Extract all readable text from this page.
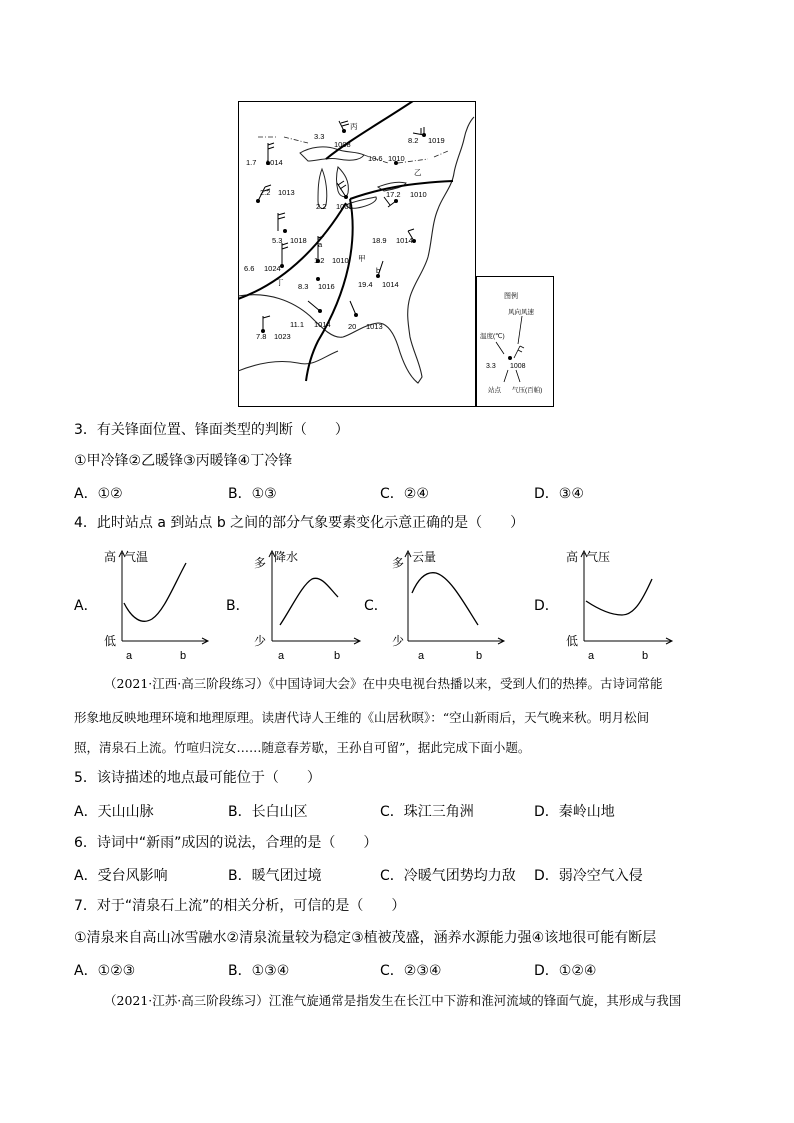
丙
乙
甲
丁
a
b
3.3
1008	8.2 1019
1.7 1014	10.6 1010
2.2 1013
2.2 1008
17.2 1010
5.3 1018	18.9 1014
1.2 1010
6.6 1024
8.3 1016	19.4 1014
11.1 1014 20 1013
7.8 1023
图例
风向风速
温度(℃)
3.3 1008
站点 气压(百帕)
3．有关锋面位置、锋面类型的判断（　　）
①甲冷锋②乙暖锋③丙暖锋④丁冷锋
A．①②	B．①③	C．②④	D．③④
4．此时站点 a 到站点 b 之间的部分气象要素变化示意正确的是（　　）
A．
高 气温
低
a	b
B．
多 降水
少
a	b
C．
多 云量
少
a	b
D．
高 气压
低
a	b
（2021·江西·高三阶段练习）《中国诗词大会》在中央电视台热播以来，受到人们的热捧。古诗词常能
形象地反映地理环境和地理原理。读唐代诗人王维的《山居秋暝》：“空山新雨后，天气晚来秋。明月松间
照，清泉石上流。竹喧归浣女……随意春芳歇，王孙自可留”，据此完成下面小题。
5．该诗描述的地点最可能位于（　　）
A．天山山脉	B．长白山区	C．珠江三角洲	D．秦岭山地
6．诗词中“新雨”成因的说法，合理的是（　　）
A．受台风影响	B．暖气团过境	C．冷暖气团势均力敌 D．弱冷空气入侵
7．对于“清泉石上流”的相关分析，可信的是（　　）
①清泉来自高山冰雪融水②清泉流量较为稳定③植被茂盛，涵养水源能力强④该地很可能有断层
A．①②③	B．①③④	C．②③④	D．①②④
（2021·江苏·高三阶段练习）江淮气旋通常是指发生在长江中下游和淮河流域的锋面气旋，其形成与我国
